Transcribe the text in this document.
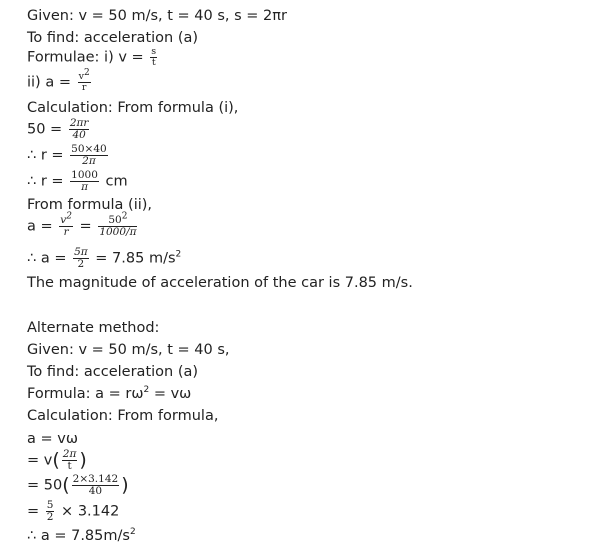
Given: v = 50 m/s, t = 40 s, s = 2πr
To find: acceleration (a)
Formulae: i) $v = \frac{s}{t}$
ii) $a = \frac{v^2}{r}$
Calculation: From formula (i),
$50 = \frac{2\pi r}{40}$
∴ $r = \frac{50\times 40}{2\pi}$
∴ $r = \frac{1000}{\pi}$ cm
From formula (ii),
$a = \frac{v^2}{r} = \frac{50^2}{1000/\pi}$
∴ $a = \frac{5\pi}{2} = 7.85$ $m/s^2$
The magnitude of acceleration of the car is 7.85 m/s.
Alternate method:
Given: v = 50 m/s, t = 40 s,
To find: acceleration (a)
Formula: $a = r\omega^2 = v\omega$
Calculation: From formula,
a = vω
= $v( \frac{2\pi}{t}$ )
= $50( \frac{2\times 3.142}{40}$ )
= $\frac{5}{2} \times 3.142$
∴ $a = 7.85m/s^2$
